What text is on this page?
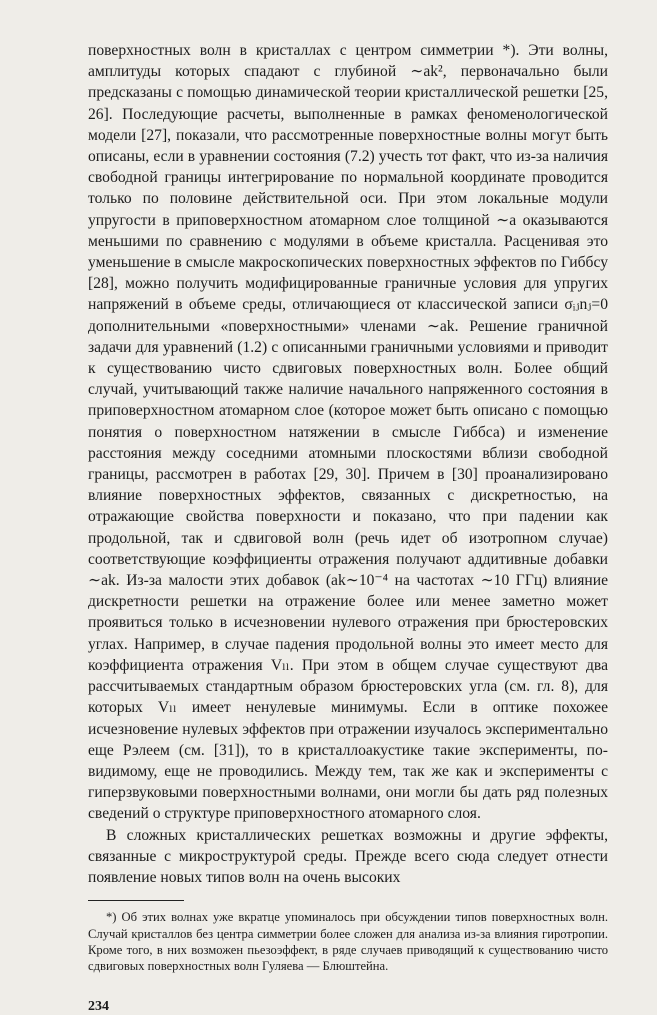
поверхностных волн в кристаллах с центром симметрии *). Эти волны, амплитуды которых спадают с глубиной ∼ak², первоначально были предсказаны с помощью динамической теории кристаллической решетки [25, 26]. Последующие расчеты, выполненные в рамках феноменологической модели [27], показали, что рассмотренные поверхностные волны могут быть описаны, если в уравнении состояния (7.2) учесть тот факт, что из-за наличия свободной границы интегрирование по нормальной координате проводится только по половине действительной оси. При этом локальные модули упругости в приповерхностном атомарном слое толщиной ∼a оказываются меньшими по сравнению с модулями в объеме кристалла. Расценивая это уменьшение в смысле макроскопических поверхностных эффектов по Гиббсу [28], можно получить модифицированные граничные условия для упругих напряжений в объеме среды, отличающиеся от классической записи σᵢⱼnⱼ=0 дополнительными «поверхностными» членами ∼ak. Решение граничной задачи для уравнений (1.2) с описанными граничными условиями и приводит к существованию чисто сдвиговых поверхностных волн. Более общий случай, учитывающий также наличие начального напряженного состояния в приповерхностном атомарном слое (которое может быть описано с помощью понятия о поверхностном натяжении в смысле Гиббса) и изменение расстояния между соседними атомными плоскостями вблизи свободной границы, рассмотрен в работах [29, 30]. Причем в [30] проанализировано влияние поверхностных эффектов, связанных с дискретностью, на отражающие свойства поверхности и показано, что при падении как продольной, так и сдвиговой волн (речь идет об изотропном случае) соответствующие коэффициенты отражения получают аддитивные добавки ∼ak. Из-за малости этих добавок (ak∼10⁻⁴ на частотах ∼10 ГГц) влияние дискретности решетки на отражение более или менее заметно может проявиться только в исчезновении нулевого отражения при брюстеровских углах. Например, в случае падения продольной волны это имеет место для коэффициента отражения Vₗₗ. При этом в общем случае существуют два рассчитываемых стандартным образом брюстеровских угла (см. гл. 8), для которых Vₗₗ имеет ненулевые минимумы. Если в оптике похожее исчезновение нулевых эффектов при отражении изучалось экспериментально еще Рэлеем (см. [31]), то в кристаллоакустике такие эксперименты, по-видимому, еще не проводились. Между тем, так же как и эксперименты с гиперзвуковыми поверхностными волнами, они могли бы дать ряд полезных сведений о структуре приповерхностного атомарного слоя.

В сложных кристаллических решетках возможны и другие эффекты, связанные с микроструктурой среды. Прежде всего сюда следует отнести появление новых типов волн на очень высоких

*) Об этих волнах уже вкратце упоминалось при обсуждении типов поверхностных волн. Случай кристаллов без центра симметрии более сложен для анализа из-за влияния гиротропии. Кроме того, в них возможен пьезоэффект, в ряде случаев приводящий к существованию чисто сдвиговых поверхностных волн Гуляева — Блюштейна.

234
